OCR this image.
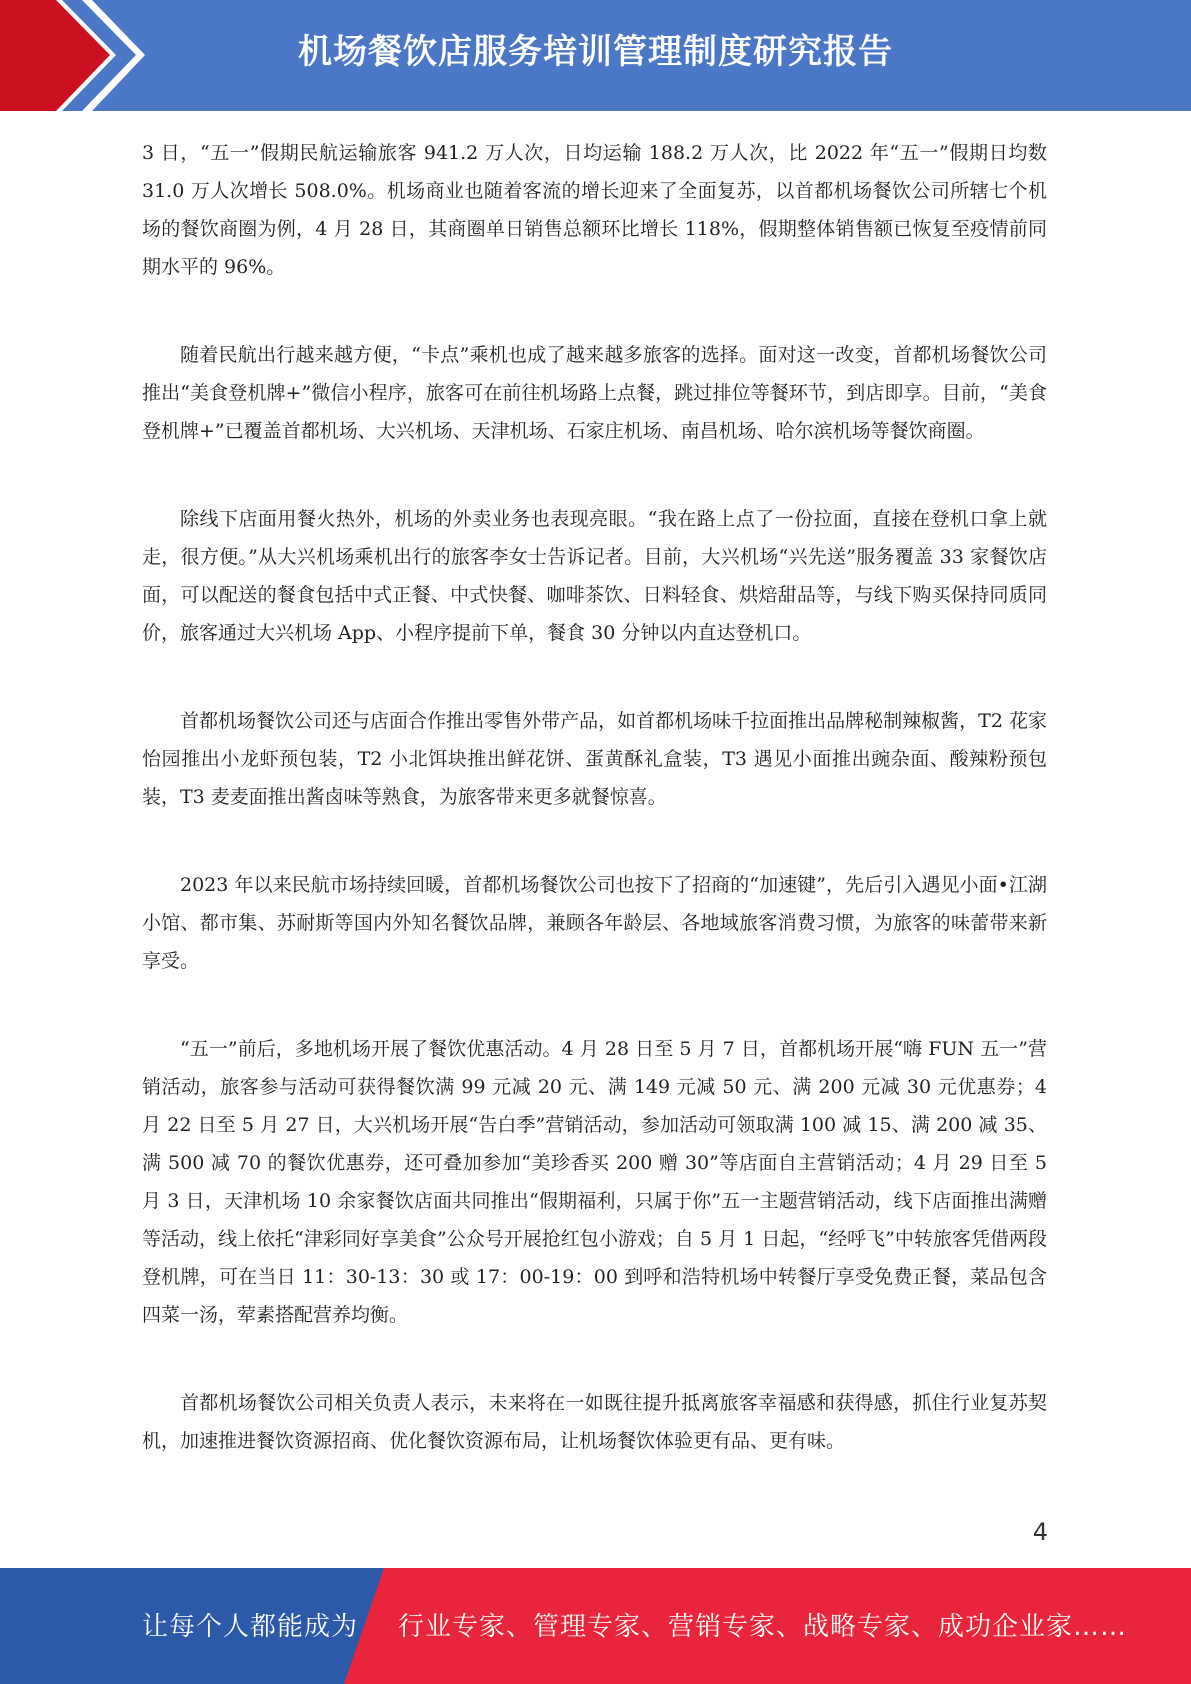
机场餐饮店服务培训管理制度研究报告

3 日，“五一”假期民航运输旅客 941.2 万人次，日均运输 188.2 万人次，比 2022 年“五一”假期日均数 31.0 万人次增长 508.0%。机场商业也随着客流的增长迎来了全面复苏，以首都机场餐饮公司所辖七个机场的餐饮商圈为例，4 月 28 日，其商圈单日销售总额环比增长 118%，假期整体销售额已恢复至疫情前同期水平的 96%。

随着民航出行越来越方便，“卡点”乘机也成了越来越多旅客的选择。面对这一改变，首都机场餐饮公司推出“美食登机牌+”微信小程序，旅客可在前往机场路上点餐，跳过排位等餐环节，到店即享。目前，“美食登机牌+”已覆盖首都机场、大兴机场、天津机场、石家庄机场、南昌机场、哈尔滨机场等餐饮商圈。

除线下店面用餐火热外，机场的外卖业务也表现亮眼。“我在路上点了一份拉面，直接在登机口拿上就走，很方便。”从大兴机场乘机出行的旅客李女士告诉记者。目前，大兴机场“兴先送”服务覆盖 33 家餐饮店面，可以配送的餐食包括中式正餐、中式快餐、咖啡茶饮、日料轻食、烘焙甜品等，与线下购买保持同质同价，旅客通过大兴机场 App、小程序提前下单，餐食 30 分钟以内直达登机口。

首都机场餐饮公司还与店面合作推出零售外带产品，如首都机场味千拉面推出品牌秘制辣椒酱，T2 花家怡园推出小龙虾预包装，T2 小北饵块推出鲜花饼、蛋黄酥礼盒装，T3 遇见小面推出豌杂面、酸辣粉预包装，T3 麦麦面推出酱卤味等熟食，为旅客带来更多就餐惊喜。

2023 年以来民航市场持续回暖，首都机场餐饮公司也按下了招商的“加速键”，先后引入遇见小面•江湖小馆、都市集、苏耐斯等国内外知名餐饮品牌，兼顾各年龄层、各地域旅客消费习惯，为旅客的味蕾带来新享受。

“五一”前后，多地机场开展了餐饮优惠活动。4 月 28 日至 5 月 7 日，首都机场开展“嗨 FUN 五一”营销活动，旅客参与活动可获得餐饮满 99 元减 20 元、满 149 元减 50 元、满 200 元减 30 元优惠券；4 月 22 日至 5 月 27 日，大兴机场开展“告白季”营销活动，参加活动可领取满 100 减 15、满 200 减 35、满 500 减 70 的餐饮优惠券，还可叠加参加“美珍香买 200 赠 30”等店面自主营销活动；4 月 29 日至 5 月 3 日，天津机场 10 余家餐饮店面共同推出“假期福利，只属于你”五一主题营销活动，线下店面推出满赠等活动，线上依托“津彩同好享美食”公众号开展抢红包小游戏；自 5 月 1 日起，“经呼飞”中转旅客凭借两段登机牌，可在当日 11：30-13：30 或 17：00-19：00 到呼和浩特机场中转餐厅享受免费正餐，菜品包含四菜一汤，荤素搭配营养均衡。

首都机场餐饮公司相关负责人表示，未来将在一如既往提升抵离旅客幸福感和获得感，抓住行业复苏契机，加速推进餐饮资源招商、优化餐饮资源布局，让机场餐饮体验更有品、更有味。

4
让每个人都能成为 行业专家、管理专家、营销专家、战略专家、成功企业家……
